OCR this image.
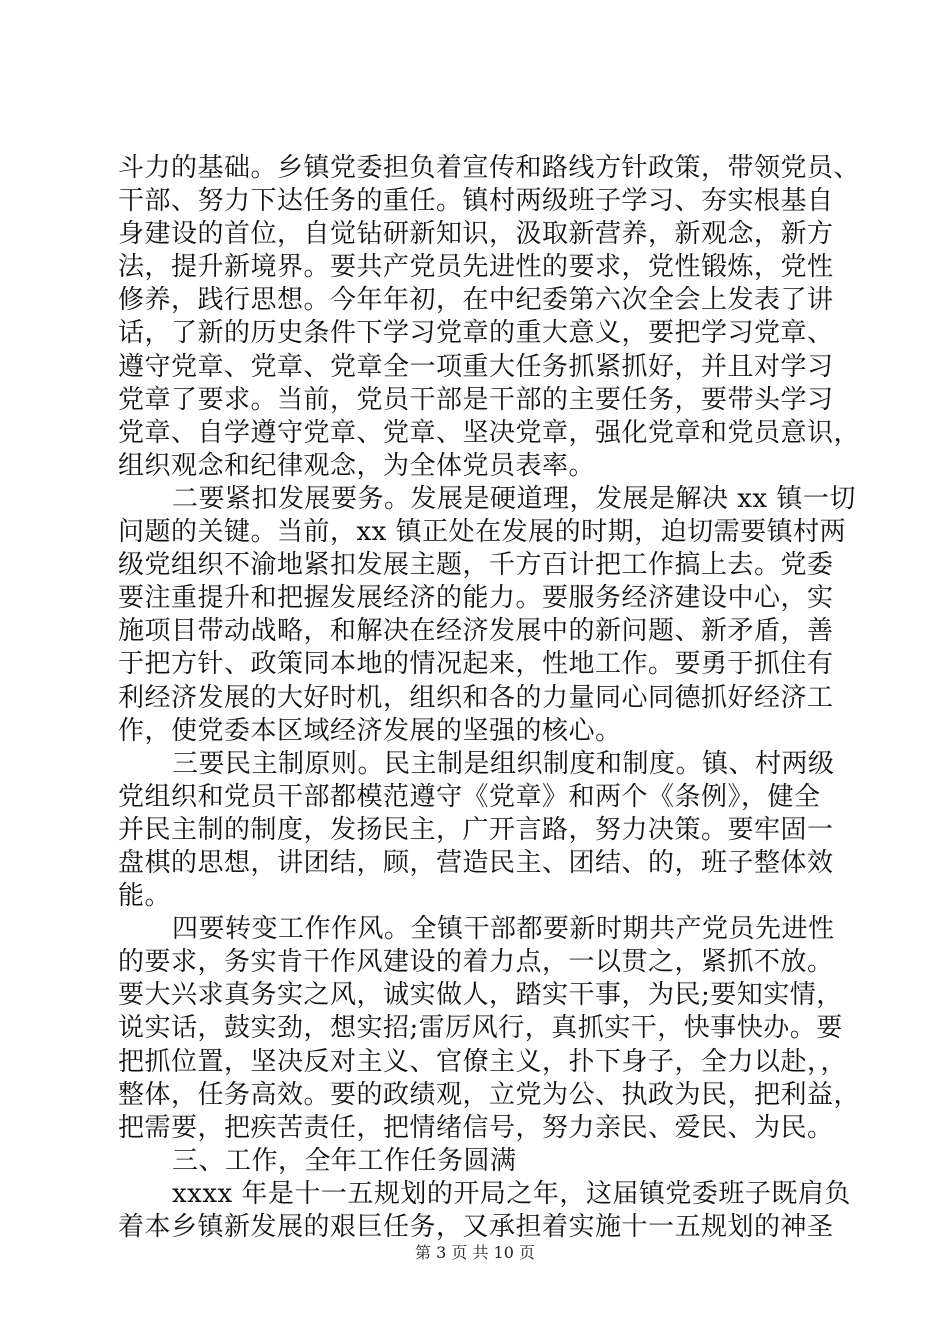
斗力的基础。乡镇党委担负着宣传和路线方针政策，带领党员、
干部、努力下达任务的重任。镇村两级班子学习、夯实根基自
身建设的首位，自觉钻研新知识，汲取新营养，新观念，新方
法，提升新境界。要共产党员先进性的要求，党性锻炼，党性
修养，践行思想。今年年初，在中纪委第六次全会上发表了讲
话，了新的历史条件下学习党章的重大意义，要把学习党章、
遵守党章、党章、党章全一项重大任务抓紧抓好，并且对学习
党章了要求。当前，党员干部是干部的主要任务，要带头学习
党章、自学遵守党章、党章、坚决党章，强化党章和党员意识，
组织观念和纪律观念，为全体党员表率。
二要紧扣发展要务。发展是硬道理，发展是解决 xx 镇一切
问题的关键。当前，xx 镇正处在发展的时期，迫切需要镇村两
级党组织不渝地紧扣发展主题，千方百计把工作搞上去。党委
要注重提升和把握发展经济的能力。要服务经济建设中心，实
施项目带动战略，和解决在经济发展中的新问题、新矛盾，善
于把方针、政策同本地的情况起来，性地工作。要勇于抓住有
利经济发展的大好时机，组织和各的力量同心同德抓好经济工
作，使党委本区域经济发展的坚强的核心。
三要民主制原则。民主制是组织制度和制度。镇、村两级
党组织和党员干部都模范遵守《党章》和两个《条例》，健全
并民主制的制度，发扬民主，广开言路，努力决策。要牢固一
盘棋的思想，讲团结，顾，营造民主、团结、的，班子整体效
能。
四要转变工作作风。全镇干部都要新时期共产党员先进性
的要求，务实肯干作风建设的着力点，一以贯之，紧抓不放。
要大兴求真务实之风，诚实做人，踏实干事，为民;要知实情，
说实话，鼓实劲，想实招;雷厉风行，真抓实干，快事快办。要
把抓位置，坚决反对主义、官僚主义，扑下身子，全力以赴，，
整体，任务高效。要的政绩观，立党为公、执政为民，把利益，
把需要，把疾苦责任，把情绪信号，努力亲民、爱民、为民。
三、工作，全年工作任务圆满
xxxx 年是十一五规划的开局之年，这届镇党委班子既肩负
着本乡镇新发展的艰巨任务，又承担着实施十一五规划的神圣
第 3 页 共 10 页
